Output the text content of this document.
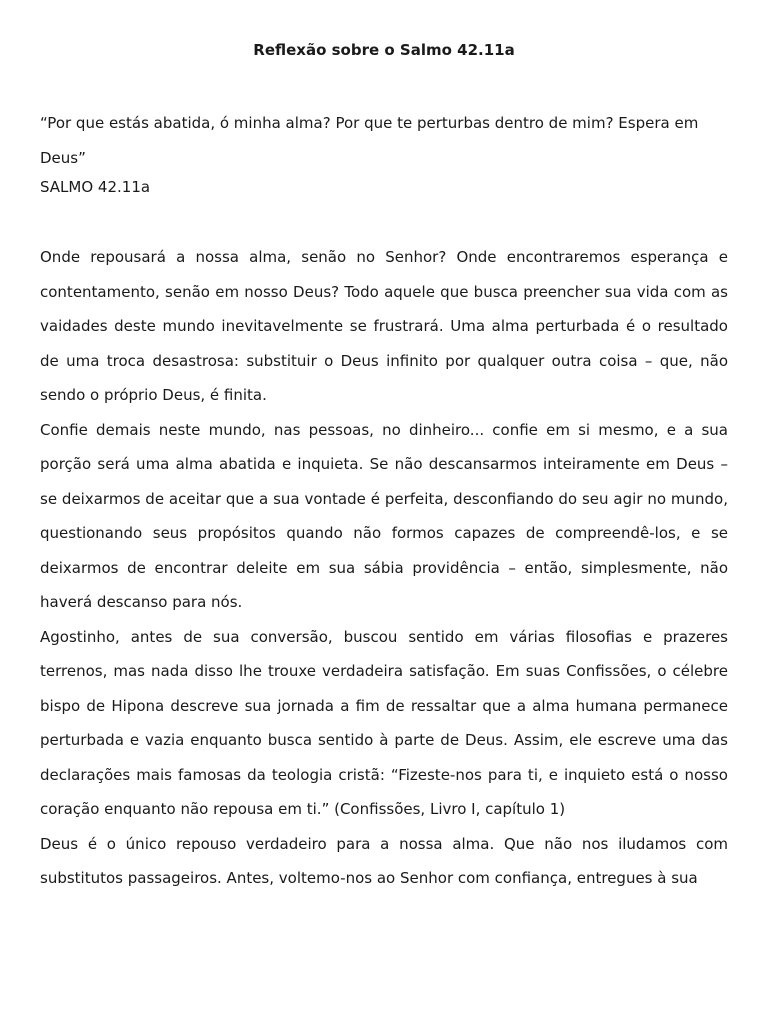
Reflexão sobre o Salmo 42.11a

“Por que estás abatida, ó minha alma? Por que te perturbas dentro de mim? Espera em Deus”

SALMO 42.11a

Onde repousará a nossa alma, senão no Senhor? Onde encontraremos esperança e contentamento, senão em nosso Deus? Todo aquele que busca preencher sua vida com as vaidades deste mundo inevitavelmente se frustrará. Uma alma perturbada é o resultado de uma troca desastrosa: substituir o Deus infinito por qualquer outra coisa – que, não sendo o próprio Deus, é finita.

Confie demais neste mundo, nas pessoas, no dinheiro... confie em si mesmo, e a sua porção será uma alma abatida e inquieta. Se não descansarmos inteiramente em Deus – se deixarmos de aceitar que a sua vontade é perfeita, desconfiando do seu agir no mundo, questionando seus propósitos quando não formos capazes de compreendê-los, e se deixarmos de encontrar deleite em sua sábia providência – então, simplesmente, não haverá descanso para nós.

Agostinho, antes de sua conversão, buscou sentido em várias filosofias e prazeres terrenos, mas nada disso lhe trouxe verdadeira satisfação. Em suas Confissões, o célebre bispo de Hipona descreve sua jornada a fim de ressaltar que a alma humana permanece perturbada e vazia enquanto busca sentido à parte de Deus. Assim, ele escreve uma das declarações mais famosas da teologia cristã: “Fizeste-nos para ti, e inquieto está o nosso coração enquanto não repousa em ti.” (Confissões, Livro I, capítulo 1)

Deus é o único repouso verdadeiro para a nossa alma. Que não nos iludamos com substitutos passageiros. Antes, voltemo-nos ao Senhor com confiança, entregues à sua
